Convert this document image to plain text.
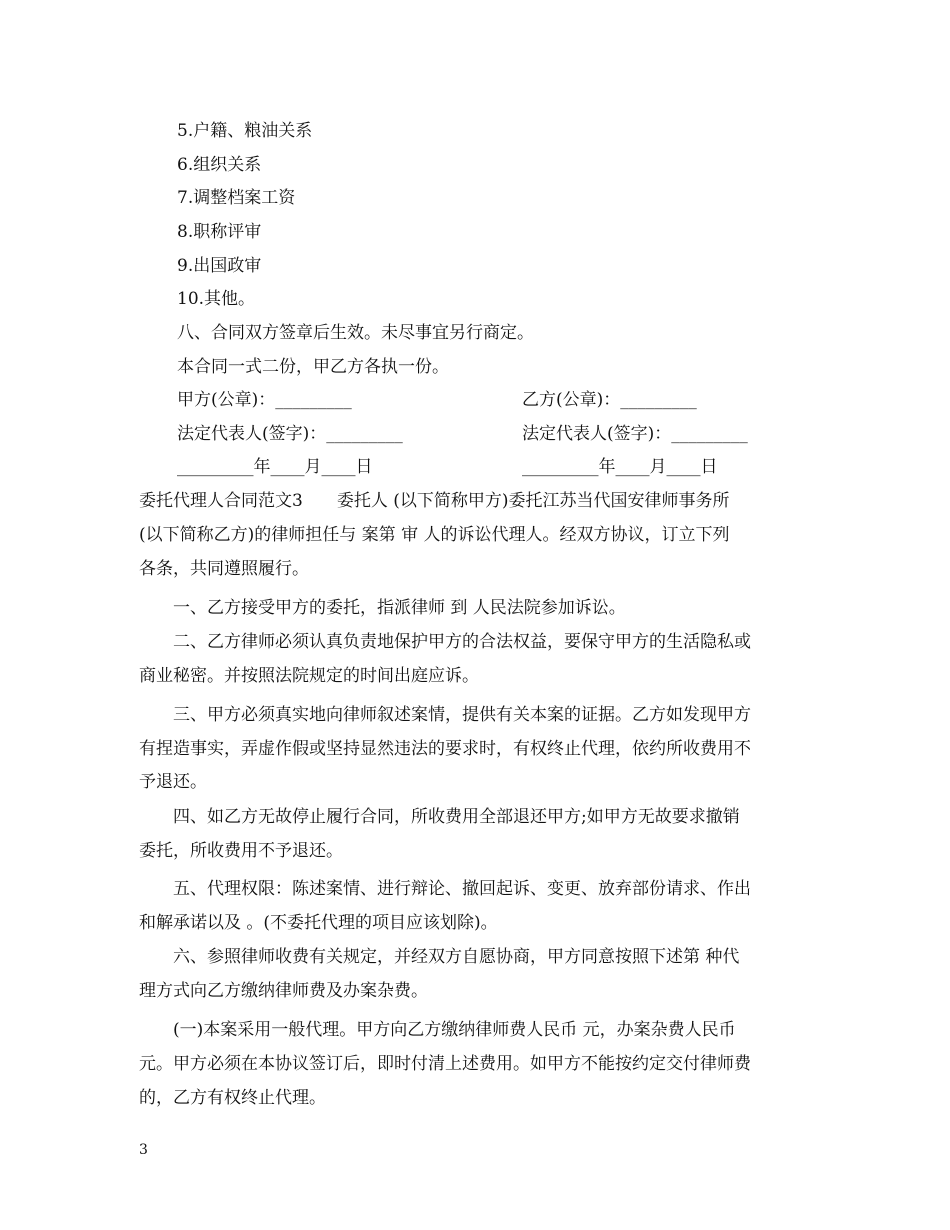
5.户籍、粮油关系
6.组织关系
7.调整档案工资
8.职称评审
9.出国政审
10.其他。
八、合同双方签章后生效。未尽事宜另行商定。
本合同一式二份，甲乙方各执一份。
甲方(公章)：_________	乙方(公章)：_________
法定代表人(签字)：_________	法定代表人(签字)：_________
_________年____月____日	_________年____月____日
委托代理人合同范文3　　委托人 (以下简称甲方)委托江苏当代国安律师事务所
(以下简称乙方)的律师担任与 案第 审 人的诉讼代理人。经双方协议，订立下列
各条，共同遵照履行。
　　一、乙方接受甲方的委托，指派律师 到 人民法院参加诉讼。
　　二、乙方律师必须认真负责地保护甲方的合法权益，要保守甲方的生活隐私或
商业秘密。并按照法院规定的时间出庭应诉。
　　三、甲方必须真实地向律师叙述案情，提供有关本案的证据。乙方如发现甲方
有捏造事实，弄虚作假或坚持显然违法的要求时，有权终止代理，依约所收费用不
予退还。
　　四、如乙方无故停止履行合同，所收费用全部退还甲方;如甲方无故要求撤销
委托，所收费用不予退还。
　　五、代理权限：陈述案情、进行辩论、撤回起诉、变更、放弃部份请求、作出
和解承诺以及 。(不委托代理的项目应该划除)。
　　六、参照律师收费有关规定，并经双方自愿协商，甲方同意按照下述第 种代
理方式向乙方缴纳律师费及办案杂费。
　　(一)本案采用一般代理。甲方向乙方缴纳律师费人民币 元，办案杂费人民币
元。甲方必须在本协议签订后，即时付清上述费用。如甲方不能按约定交付律师费
的，乙方有权终止代理。
3
